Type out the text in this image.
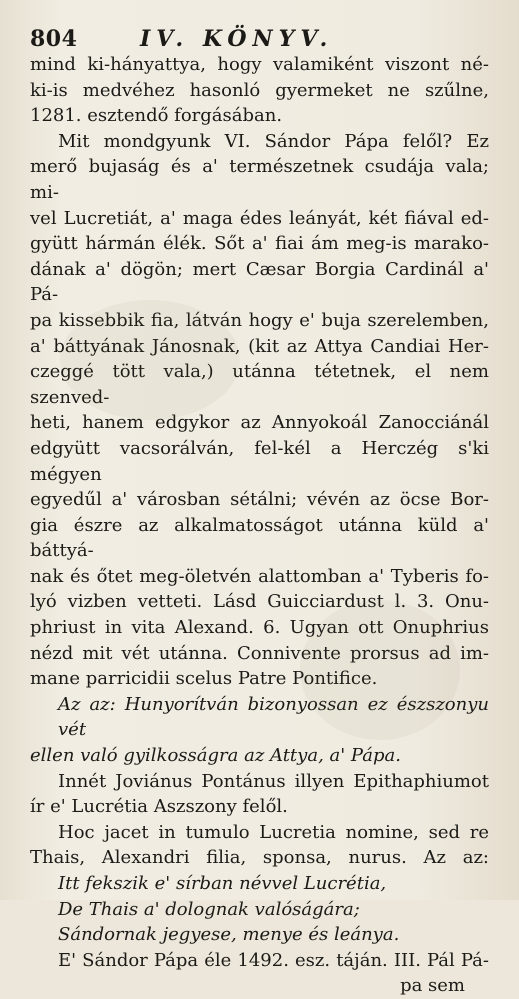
804	IV. KÖNYV.
mind ki-hányattya, hogy valamiként viszont né-
ki-is medvéhez hasonló gyermeket ne szűlne,
1281. esztendő forgásában.
Mit mondgyunk VI. Sándor Pápa felől? Ez
merő bujaság és a' természetnek csudája vala; mi-
vel Lucretiát, a' maga édes leányát, két fiával ed-
gyütt hármán élék. Sőt a' fiai ám meg-is marako-
dának a' dögön; mert Cæsar Borgia Cardinál a' Pá-
pa kissebbik fia, látván hogy e' buja szerelemben,
a' báttyának Jánosnak, (kit az Attya Candiai Her-
czeggé tött vala,) utánna tétetnek, el nem szenved-
heti, hanem edgykor az Annyokoál Zanocciánál
edgyütt vacsorálván, fel-kél a Herczég s'ki mégyen
egyedűl a' városban sétálni; vévén az öcse Bor-
gia észre az alkalmatosságot utánna küld a' báttyá-
nak és őtet meg-öletvén alattomban a' Tyberis fo-
lyó vizben vetteti. Lásd Guicciardust l. 3. Onu-
phriust in vita Alexand. 6. Ugyan ott Onuphrius
nézd mit vét utánna. Connivente prorsus ad im-
mane parricidii scelus Patre Pontifice.
Az az: Hunyorítván bizonyossan ez észszonyu vét
ellen való gyilkosságra az Attya, a' Pápa.
Innét Joviánus Pontánus illyen Epithaphiumot
ír e' Lucrétia Aszszony felől.
Hoc jacet in tumulo Lucretia nomine, sed re
Thais, Alexandri filia, sponsa, nurus. Az az:
Itt fekszik e' sírban névvel Lucrétia,
De Thais a' dolognak valóságára;
Sándornak jegyese, menye és leánya.
E' Sándor Pápa éle 1492. esz. táján. III. Pál Pá-
pa sem
